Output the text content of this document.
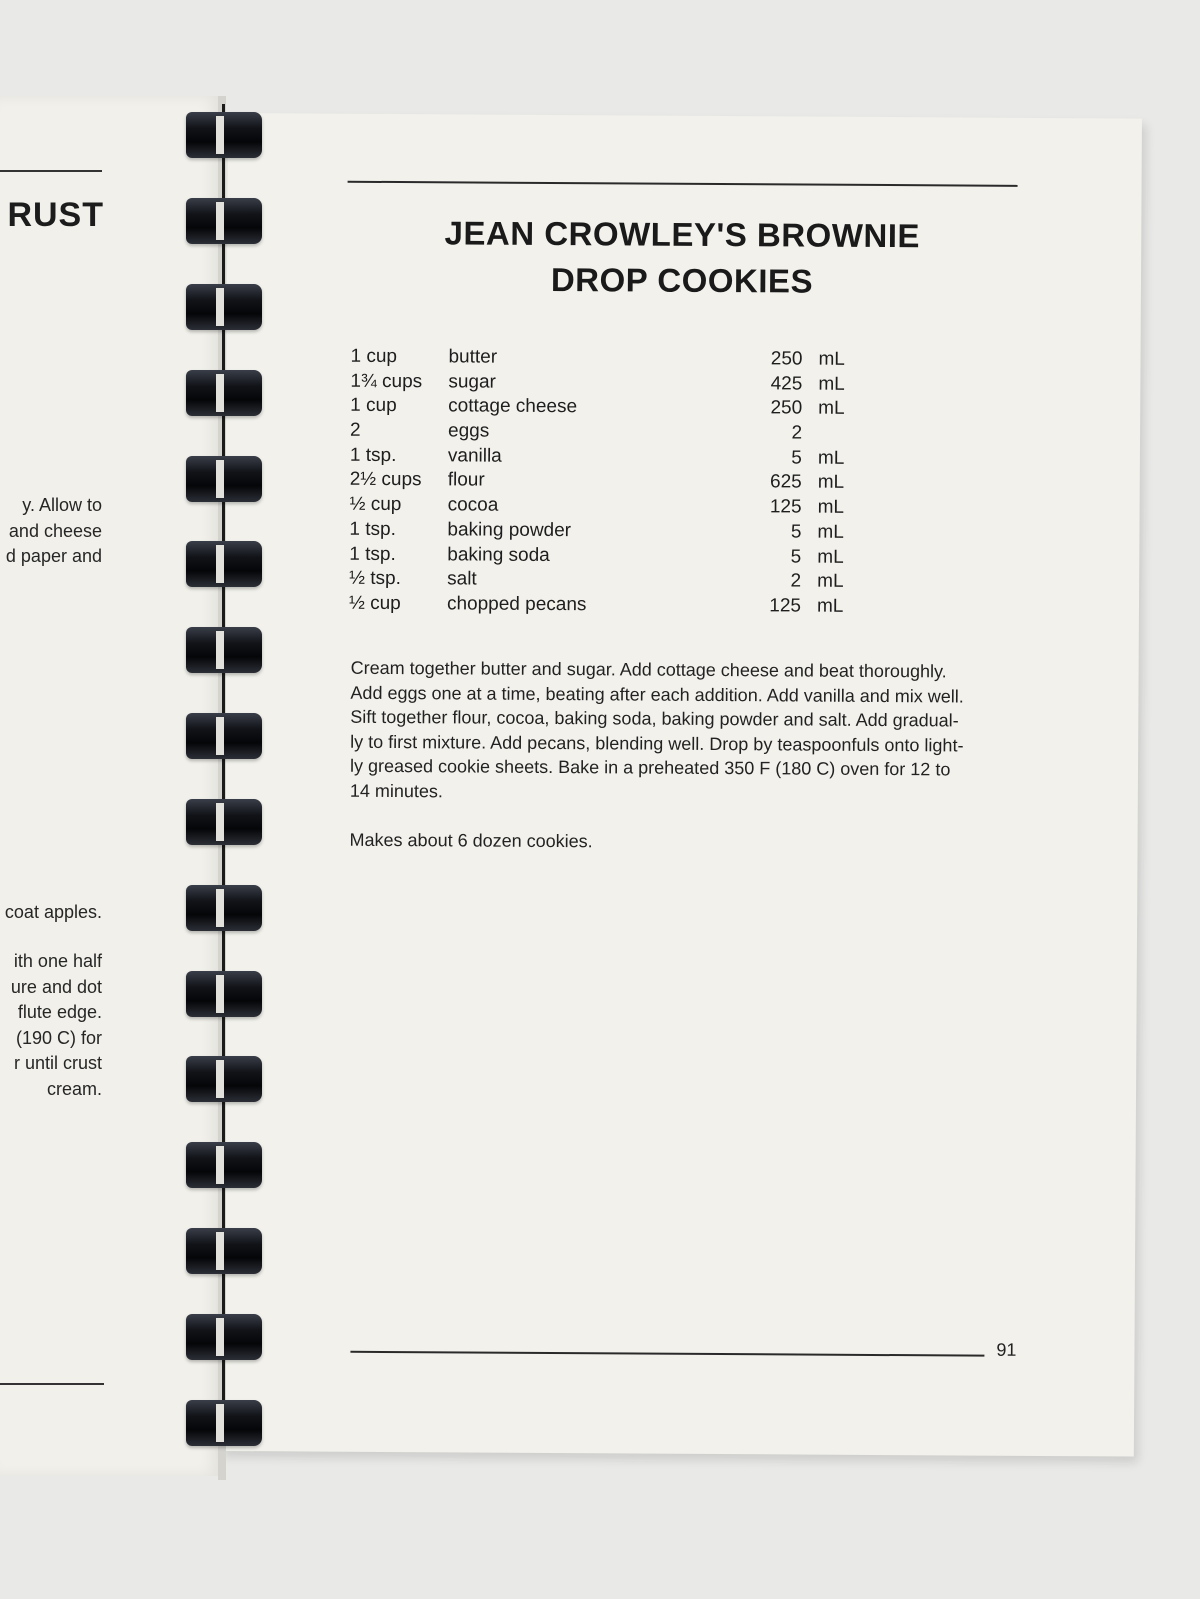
RUST
y. Allow to
and cheese
d paper and
coat apples.
ith one half
ure and dot
flute edge.
(190 C) for
r until crust
cream.
JEAN CROWLEY'S BROWNIE
DROP COOKIES
1 cup	butter	250 mL
1¾ cups sugar	425 mL
1 cup	cottage cheese	250 mL
2	eggs	2
1 tsp.	vanilla	5 mL
2½ cups flour	625 mL
½ cup cocoa	125 mL
1 tsp.	baking powder	5 mL
1 tsp.	baking soda	5 mL
½ tsp. salt	2 mL
½ cup chopped pecans	125 mL
Cream together butter and sugar. Add cottage cheese and beat thoroughly.
Add eggs one at a time, beating after each addition. Add vanilla and mix well.
Sift together flour, cocoa, baking soda, baking powder and salt. Add gradual-
ly to first mixture. Add pecans, blending well. Drop by teaspoonfuls onto light-
ly greased cookie sheets. Bake in a preheated 350 F (180 C) oven for 12 to
14 minutes.
Makes about 6 dozen cookies.
91
